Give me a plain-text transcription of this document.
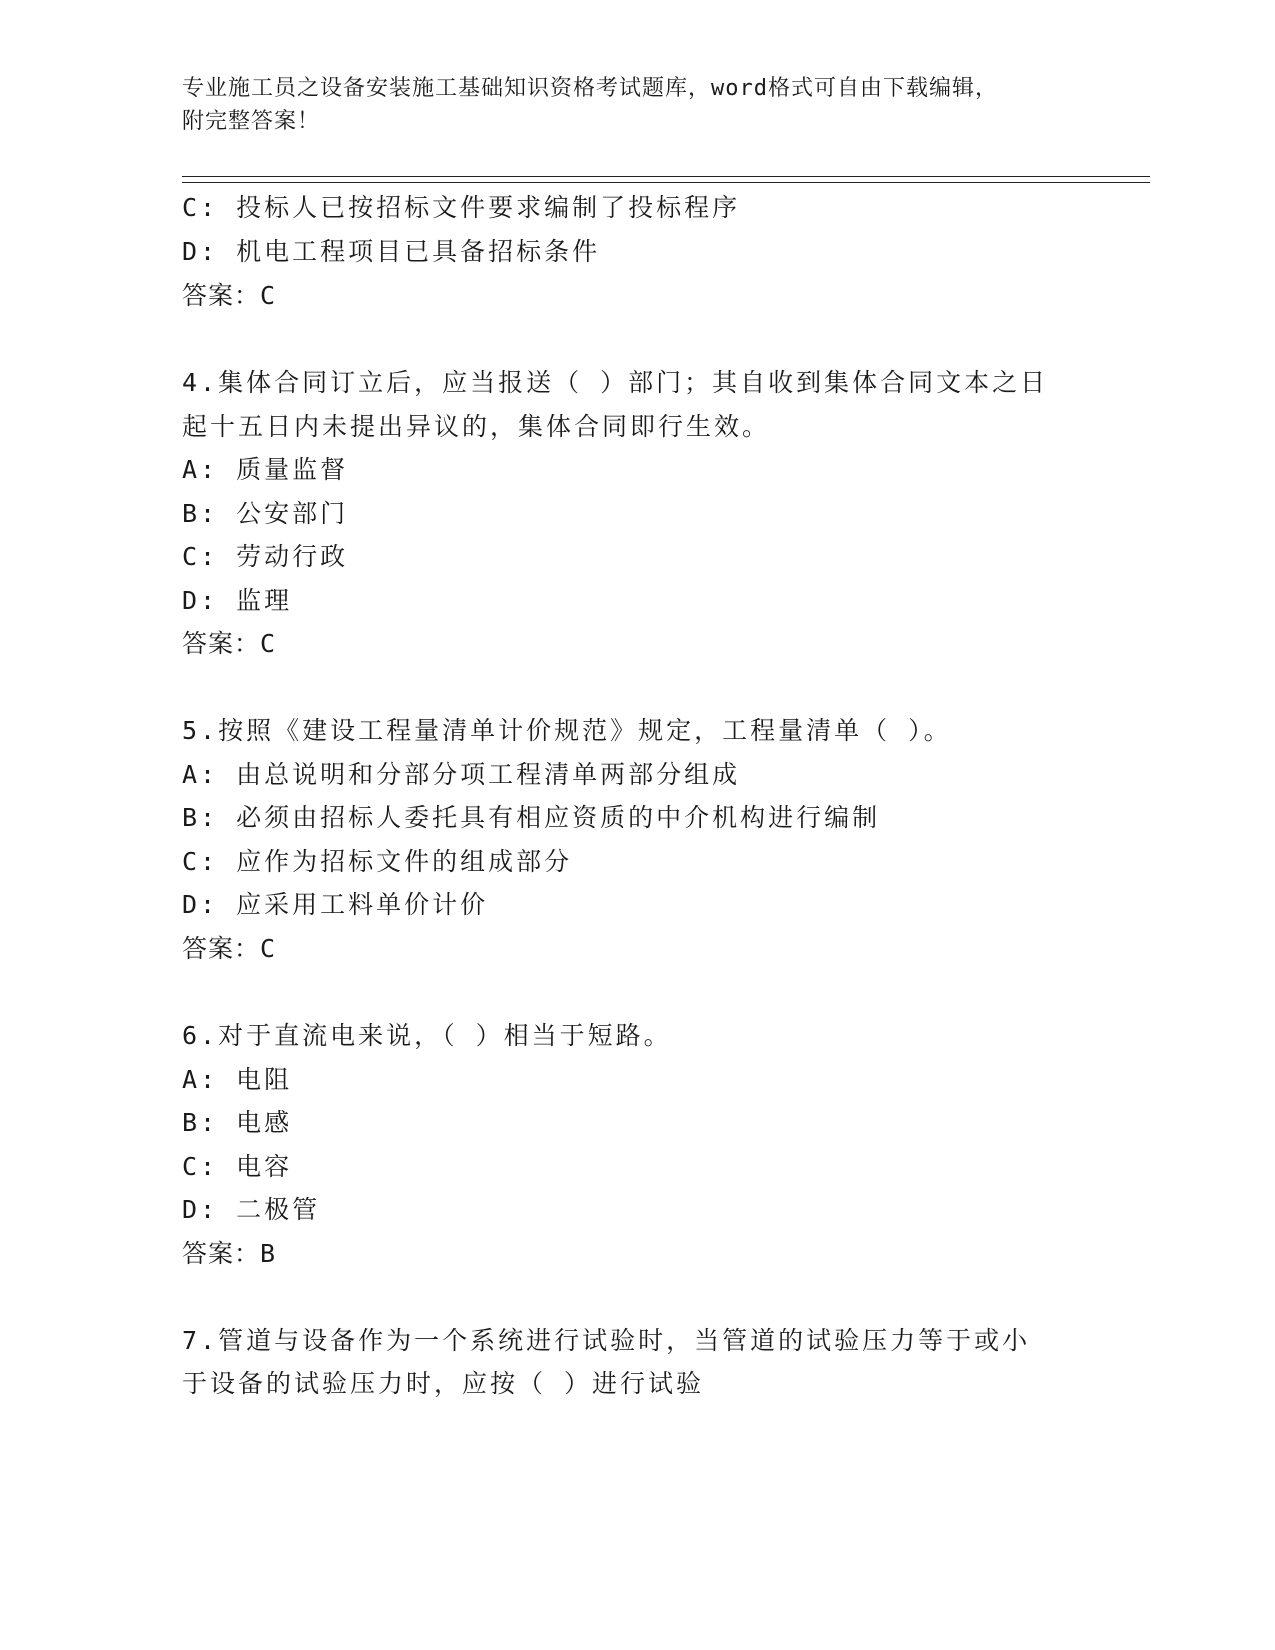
专业施工员之设备安装施工基础知识资格考试题库，word格式可自由下载编辑，
附完整答案！
C: 投标人已按招标文件要求编制了投标程序
D: 机电工程项目已具备招标条件
答案：C
4.集体合同订立后，应当报送（ ）部门；其自收到集体合同文本之日
起十五日内未提出异议的，集体合同即行生效。
A: 质量监督
B: 公安部门
C: 劳动行政
D: 监理
答案：C
5.按照《建设工程量清单计价规范》规定，工程量清单（ ）。
A: 由总说明和分部分项工程清单两部分组成
B: 必须由招标人委托具有相应资质的中介机构进行编制
C: 应作为招标文件的组成部分
D: 应采用工料单价计价
答案：C
6.对于直流电来说，（ ）相当于短路。
A: 电阻
B: 电感
C: 电容
D: 二极管
答案：B
7.管道与设备作为一个系统进行试验时，当管道的试验压力等于或小
于设备的试验压力时，应按（ ）进行试验
